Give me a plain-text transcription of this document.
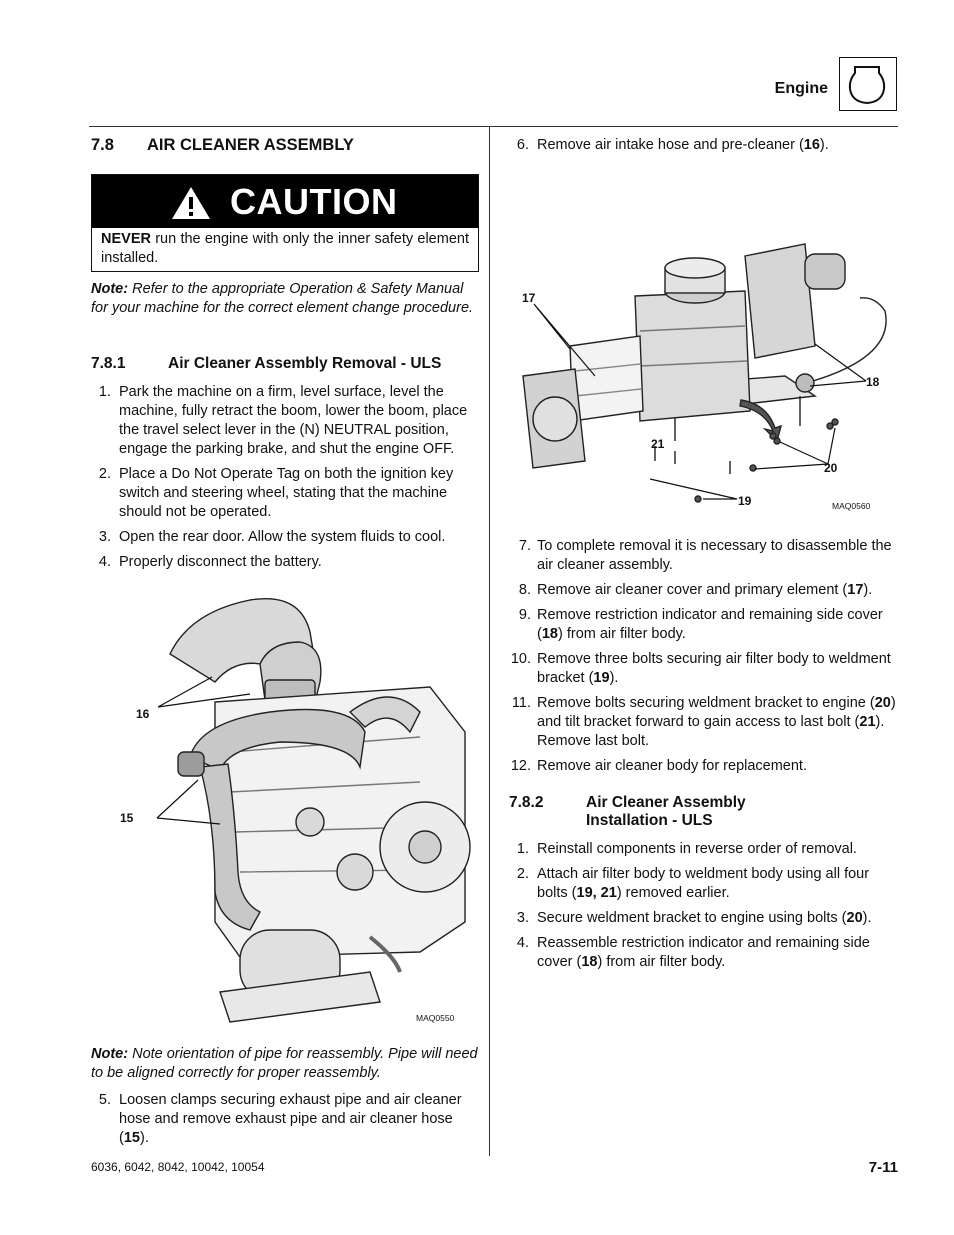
Engine
7.8 AIR CLEANER ASSEMBLY
CAUTION
NEVER run the engine with only the inner safety element installed.
Note: Refer to the appropriate Operation & Safety Manual for your machine for the correct element change procedure.
7.8.1	Air Cleaner Assembly Removal - ULS
1. Park the machine on a firm, level surface, level the machine, fully retract the boom, lower the boom, place the travel select lever in the (N) NEUTRAL position, engage the parking brake, and shut the engine OFF.
2. Place a Do Not Operate Tag on both the ignition key switch and steering wheel, stating that the machine should not be operated.
3. Open the rear door. Allow the system fluids to cool.
4. Properly disconnect the battery.
16
15
MAQ0550
Note: Note orientation of pipe for reassembly. Pipe will need to be aligned correctly for proper reassembly.
5. Loosen clamps securing exhaust pipe and air cleaner hose and remove exhaust pipe and air cleaner hose (15).
6. Remove air intake hose and pre-cleaner (16).
17
18
21
20
19	MAQ0560
7. To complete removal it is necessary to disassemble the air cleaner assembly.
8. Remove air cleaner cover and primary element (17).
9. Remove restriction indicator and remaining side cover (18) from air filter body.
10. Remove three bolts securing air filter body to weldment bracket (19).
11. Remove bolts securing weldment bracket to engine (20) and tilt bracket forward to gain access to last bolt (21). Remove last bolt.
12. Remove air cleaner body for replacement.
7.8.2	Air Cleaner Assembly
Installation - ULS
1. Reinstall components in reverse order of removal.
2. Attach air filter body to weldment body using all four bolts (19, 21) removed earlier.
3. Secure weldment bracket to engine using bolts (20).
4. Reassemble restriction indicator and remaining side cover (18) from air filter body.
6036, 6042, 8042, 10042, 10054	7-11
